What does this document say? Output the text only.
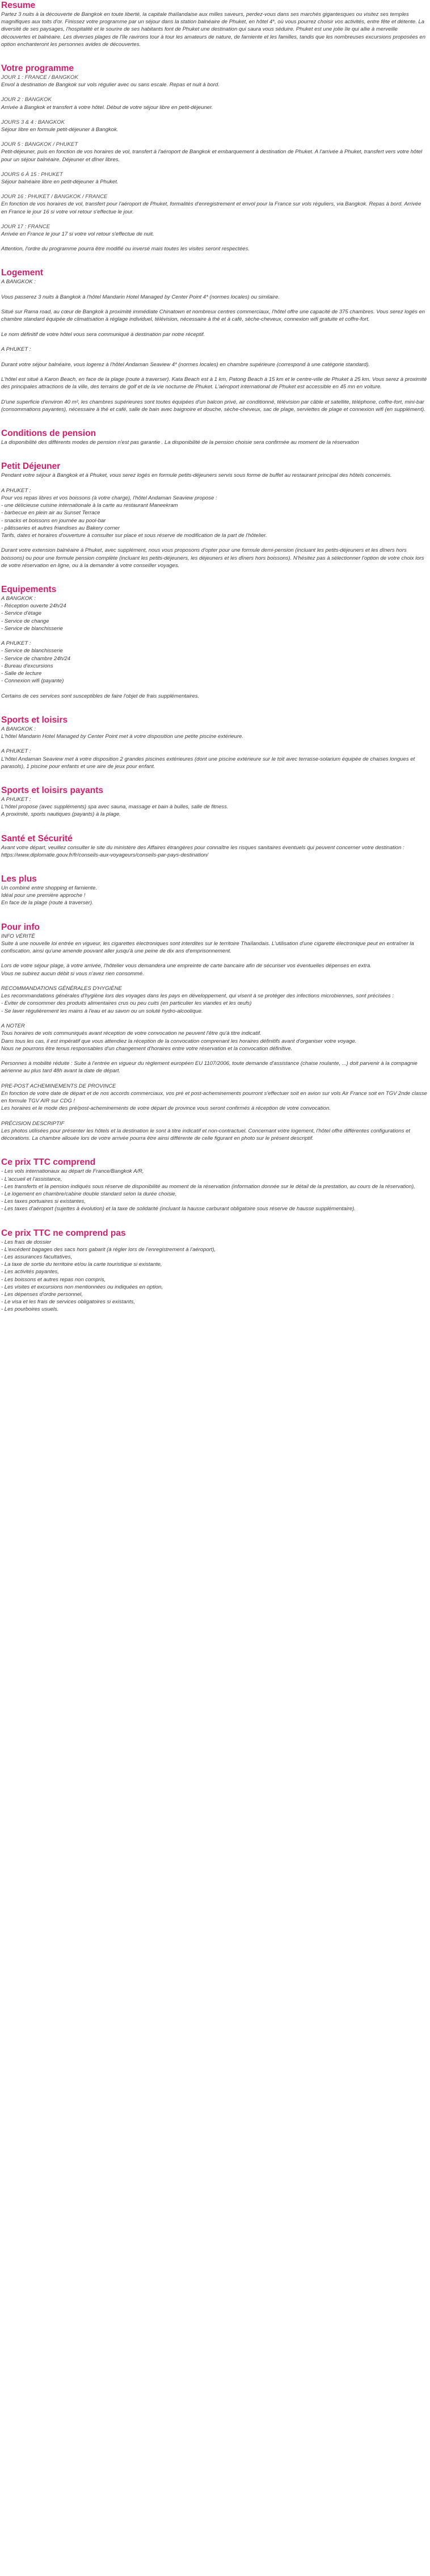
Resume

Partez 3 nuits à la découverte de Bangkok en toute liberté, la capitale thaïlandaise aux milles saveurs, perdez-vous dans ses marchés gigantesques ou visitez ses temples magnifiques aux toits d'or. Finissez votre programme par un séjour dans la station balnéaire de Phuket, en hôtel 4*, où vous pourrez choisir vos activités, entre fête et détente. La diversité de ses paysages, l'hospitalité et le sourire de ses habitants font de Phuket une destination qui saura vous séduire. Phuket est une jolie île qui allie à merveille découvertes et balnéaire. Les diverses plages de l'île ravirons tour à tour les amateurs de nature, de farniente et les familles, tandis que les nombreuses excursions proposées en option enchanteront les personnes avides de découvertes.

Votre programme

JOUR 1 : FRANCE / BANGKOK

Envol à destination de Bangkok sur vols régulier avec ou sans escale. Repas et nuit à bord.

JOUR 2 : BANGKOK

Arrivée à Bangkok et transfert à votre hôtel. Début de votre séjour libre en petit-déjeuner.

JOURS 3 & 4 : BANGKOK

Séjour libre en formule petit-déjeuner à Bangkok.

JOUR 5 : BANGKOK / PHUKET

Petit-déjeuner, puis en fonction de vos horaires de vol, transfert à l'aéroport de Bangkok et embarquement à destination de Phuket. A l'arrivée à Phuket, transfert vers votre hôtel pour un séjour balnéaire. Déjeuner et dîner libres.

JOURS 6 À 15 : PHUKET

Séjour balnéaire libre en petit-déjeuner à Phuket.

JOUR 16 : PHUKET / BANGKOK / FRANCE

En fonction de vos horaires de vol, transfert pour l'aéroport de Phuket, formalités d'enregistrement et envol pour la France sur vols réguliers, via Bangkok. Repas à bord. Arrivée en France le jour 16 si votre vol retour s'effectue le jour.

JOUR 17 : FRANCE

Arrivée en France le jour 17 si votre vol retour s'effectue de nuit.

Attention, l'ordre du programme pourra être modifié ou inversé mais toutes les visites seront respectées.

Logement

A BANGKOK :

Vous passerez 3 nuits à Bangkok à l'hôtel Mandarin Hotel Managed by Center Point 4* (normes locales) ou similaire.

Situé sur Rama road, au cœur de Bangkok à proximité immédiate Chinatown et nombreux centres commerciaux, l'hôtel offre une capacité de 375 chambres. Vous serez logés en chambre standard équipée de climatisation à réglage individuel, télévision, nécessaire à thé et à café, sèche-cheveux, connexion wifi gratuite et coffre-fort.

Le nom définitif de votre hôtel vous sera communiqué à destination par notre réceptif.

A PHUKET :

Durant votre séjour balnéaire, vous logerez à l'hôtel Andaman Seaview 4* (normes locales) en chambre supérieure (correspond à une catégorie standard).

L'hôtel est situé à Karon Beach, en face de la plage (route à traverser). Kata Beach est à 1 km, Patong Beach à 15 km et le centre-ville de Phuket à 25 km. Vous serez à proximité des principales attractions de la ville, des terrains de golf et de la vie nocturne de Phuket. L'aéroport international de Phuket est accessible en 45 mn en voiture.

D'une superficie d'environ 40 m², les chambres supérieures sont toutes équipées d'un balcon privé, air conditionné, télévision par câble et satellite, téléphone, coffre-fort, mini-bar (consommations payantes), nécessaire à thé et café, salle de bain avec baignoire et douche, sèche-cheveux, sac de plage, serviettes de plage et connexion wifi (en supplément).

Conditions de pension

La disponibilité des différents modes de pension n'est pas garantie . La disponibilité de la pension choisie sera confirmée au moment de la réservation

Petit Déjeuner

Pendant votre séjour à Bangkok et à Phuket, vous serez logés en formule petits-déjeuners servis sous forme de buffet au restaurant principal des hôtels concernés.

A PHUKET :
Pour vos repas libres et vos boissons (à votre charge), l'hôtel Andaman Seaview propose :
- une délicieuse cuisine internationale à la carte au restaurant Maneekram
- barbecue en plein air au Sunset Terrace
- snacks et boissons en journée au pool-bar
- pâtisseries et autres friandises au Bakery corner
Tarifs, dates et horaires d'ouverture à consulter sur place et sous réserve de modification de la part de l'hôtelier.

Durant votre extension balnéaire à Phuket, avec supplément, nous vous proposons d'opter pour une formule demi-pension (incluant les petits-déjeuners et les dîners hors boissons) ou pour une formule pension complète (incluant les petits-déjeuners, les déjeuners et les dîners hors boissons). N'hésitez pas à sélectionner l'option de votre choix lors de votre réservation en ligne, ou à la demander à votre conseiller voyages.

Equipements

A BANGKOK :
- Réception ouverte 24h/24
- Service d'étage
- Service de change
- Service de blanchisserie

A PHUKET :
- Service de blanchisserie
- Service de chambre 24h/24
- Bureau d'excursions
- Salle de lecture
- Connexion wifi (payante)

Certains de ces services sont susceptibles de faire l'objet de frais supplémentaires.

Sports et loisirs

A BANGKOK :
L'hôtel Mandarin Hotel Managed by Center Point met à votre disposition une petite piscine extérieure.

A PHUKET :
L'hôtel Andaman Seaview met à votre disposition 2 grandes piscines extérieures (dont une piscine extérieure sur le toit avec terrasse-solarium équipée de chaises longues et parasols), 1 piscine pour enfants et une aire de jeux pour enfant.

Sports et loisirs payants

A PHUKET :
L'hôtel propose (avec suppléments) spa avec sauna, massage et bain à bulles, salle de fitness.
A proximité, sports nautiques (payants) à la plage.

Santé et Sécurité

Avant votre départ, veuillez consulter le site du ministère des Affaires étrangères pour connaître les risques sanitaires éventuels qui peuvent concerner votre destination : https://www.diplomatie.gouv.fr/fr/conseils-aux-voyageurs/conseils-par-pays-destination/

Les plus

Un combiné entre shopping et farniente.
Idéal pour une première approche !
En face de la plage (route à traverser).

Pour info

INFO VÉRITÉ
Suite à une nouvelle loi entrée en vigueur, les cigarettes électroniques sont interdites sur le territoire Thaïlandais. L'utilisation d'une cigarette électronique peut en entraîner la confiscation, ainsi qu'une amende pouvant aller jusqu'à une peine de dix ans d'emprisonnement.

Lors de votre séjour plage, à votre arrivée, l'hôtelier vous demandera une empreinte de carte bancaire afin de sécuriser vos éventuelles dépenses en extra.
Vous ne subirez aucun débit si vous n'avez rien consommé.

RECOMMANDATIONS GÉNÉRALES D'HYGIÈNE
Les recommandations générales d'hygiène lors des voyages dans les pays en développement, qui visent à se protéger des infections microbiennes, sont précisées :
- Eviter de consommer des produits alimentaires crus ou peu cuits (en particulier les viandes et les œufs)
- Se laver régulièrement les mains à l'eau et au savon ou un soluté hydro-alcoolique.

A NOTER
Tous horaires de vols communiqués avant réception de votre convocation ne peuvent l'être qu'à titre indicatif.
Dans tous les cas, il est impératif que vous attendiez la réception de la convocation comprenant les horaires définitifs avant d'organiser votre voyage.
Nous ne pourrons être tenus responsables d'un changement d'horaires entre votre réservation et la convocation définitive.

Personnes à mobilité réduite : Suite à l'entrée en vigueur du règlement européen EU 1107/2006, toute demande d'assistance (chaise roulante, ...) doit parvenir à la compagnie aérienne au plus tard 48h avant la date de départ.

PRE-POST ACHEMINEMENTS DE PROVINCE
En fonction de votre date de départ et de nos accords commerciaux, vos pré et post-acheminements pourront s'effectuer soit en avion sur vols Air France soit en TGV 2nde classe en formule TGV AIR sur CDG !
Les horaires et le mode des pré/post-acheminements de votre départ de province vous seront confirmés à réception de votre convocation.

PRÉCISION DESCRIPTIF
Les photos utilisées pour présenter les hôtels et la destination le sont à titre indicatif et non-contractuel. Concernant votre logement, l'hôtel offre différentes configurations et décorations. La chambre allouée lors de votre arrivée pourra être ainsi différente de celle figurant en photo sur le présent descriptif.

Ce prix TTC comprend

- Les vols internationaux au départ de France/Bangkok A/R,
- L'accueil et l'assistance,
- Les transferts et la pension indiqués sous réserve de disponibilité au moment de la réservation (information donnée sur le détail de la prestation, au cours de la réservation),
- Le logement en chambre/cabine double standard selon la durée choisie,
- Les taxes portuaires si existantes,
- Les taxes d'aéroport (sujettes à évolution) et la taxe de solidarité (incluant la hausse carburant obligatoire sous réserve de hausse supplémentaire).

Ce prix TTC ne comprend pas

- Les frais de dossier
- L'excédent bagages des sacs hors gabarit (à régler lors de l'enregistrement à l'aéroport),
- Les assurances facultatives,
- La taxe de sortie du territoire et/ou la carte touristique si existante,
- Les activités payantes,
- Les boissons et autres repas non compris,
- Les visites et excursions non mentionnées ou indiquées en option,
- Les dépenses d'ordre personnel,
- Le visa et les frais de services obligatoires si existants,
- Les pourboires usuels.
